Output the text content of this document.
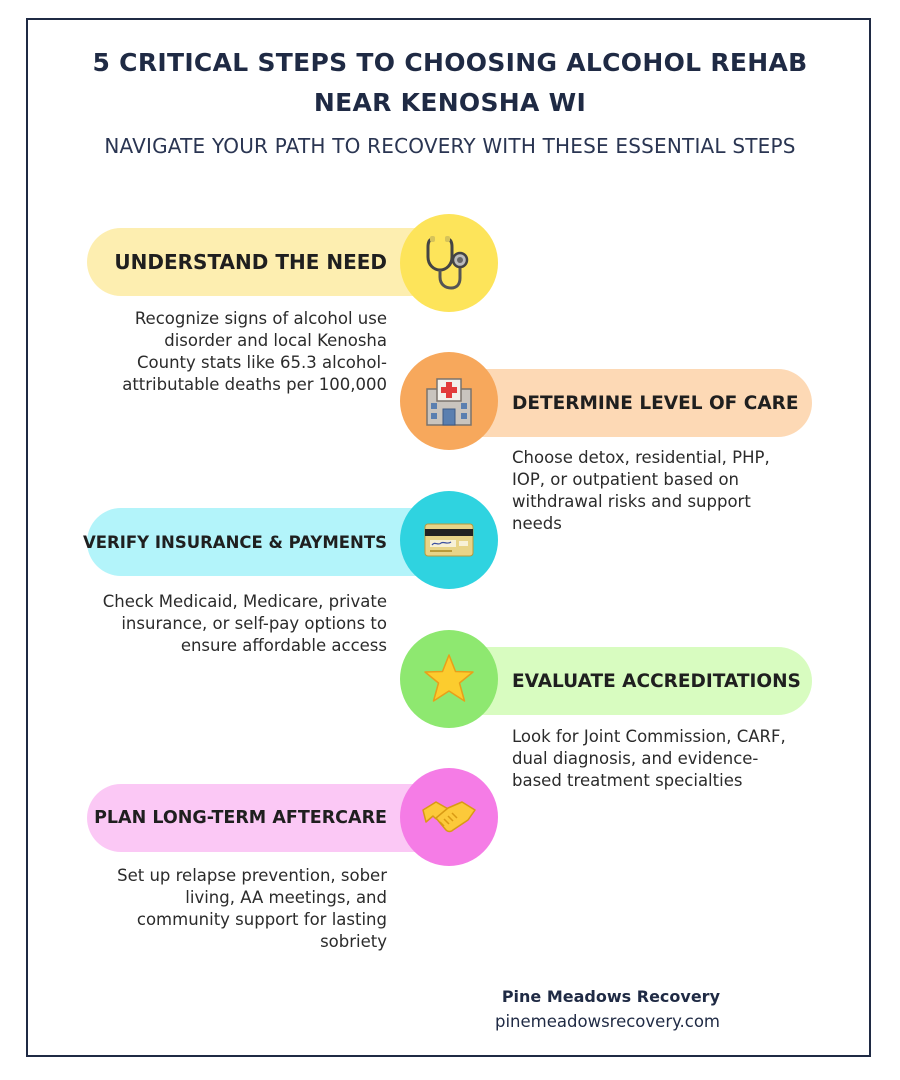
5 CRITICAL STEPS TO CHOOSING ALCOHOL REHAB
NEAR KENOSHA WI
NAVIGATE YOUR PATH TO RECOVERY WITH THESE ESSENTIAL STEPS
UNDERSTAND THE NEED
Recognize signs of alcohol use
disorder and local Kenosha
County stats like 65.3 alcohol-
attributable deaths per 100,000
DETERMINE LEVEL OF CARE
Choose detox, residential, PHP,
IOP, or outpatient based on
withdrawal risks and support
needs
VERIFY INSURANCE & PAYMENTS
Check Medicaid, Medicare, private
insurance, or self-pay options to
ensure affordable access
EVALUATE ACCREDITATIONS
Look for Joint Commission, CARF,
dual diagnosis, and evidence-
based treatment specialties
PLAN LONG-TERM AFTERCARE
Set up relapse prevention, sober
living, AA meetings, and
community support for lasting
sobriety
Pine Meadows Recovery
pinemeadowsrecovery.com
